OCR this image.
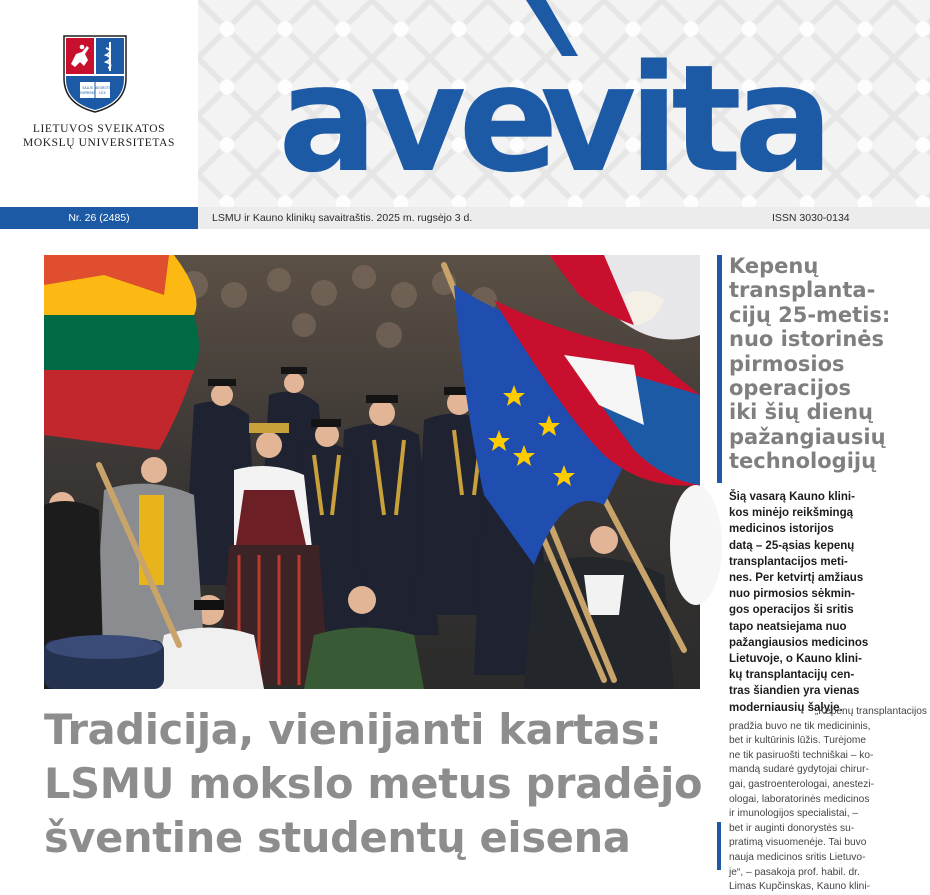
SALUS AEGROTI
SUPREMA LEX
LIETUVOS SVEIKATOS
MOKSLŲ UNIVERSITETAS ave
vita
Nr. 26 (2485)	LSMU ir Kauno klinikų savaitraštis. 2025 m. rugsėjo 3 d.	ISSN 3030-0134
Tradicija, vienijanti kartas:
LSMU mokslo metus pradėjo
šventine studentų eisena
Kepenų
transplanta-
cijų 25-metis:
nuo istorinės
pirmosios
operacijos
iki šių dienų
pažangiausių
technologijų
Šią vasarą Kauno klini-
kos minėjo reikšmingą
medicinos istorijos
datą – 25-ąsias kepenų
transplantacijos meti-
nes. Per ketvirtį amžiaus
nuo pirmosios sėkmin-
gos operacijos ši sritis
tapo neatsiejama nuo
pažangiausios medicinos
Lietuvoje, o Kauno klini-
kų transplantacijų cen-
tras šiandien yra vienas
moderniausių šalyje.
„Kepenų transplantacijos
pradžia buvo ne tik medicininis,
bet ir kultūrinis lūžis. Turėjome
ne tik pasiruošti techniškai – ko-
mandą sudarė gydytojai chirur-
gai, gastroenterologai, anestezi-
ologai, laboratorinės medicinos
ir imunologijos specialistai, –
bet ir auginti donorystės su-
pratimą visuomenėje. Tai buvo
nauja medicinos sritis Lietuvo-
je“, – pasakoja prof. habil. dr.
Limas Kupčinskas, Kauno klini-
